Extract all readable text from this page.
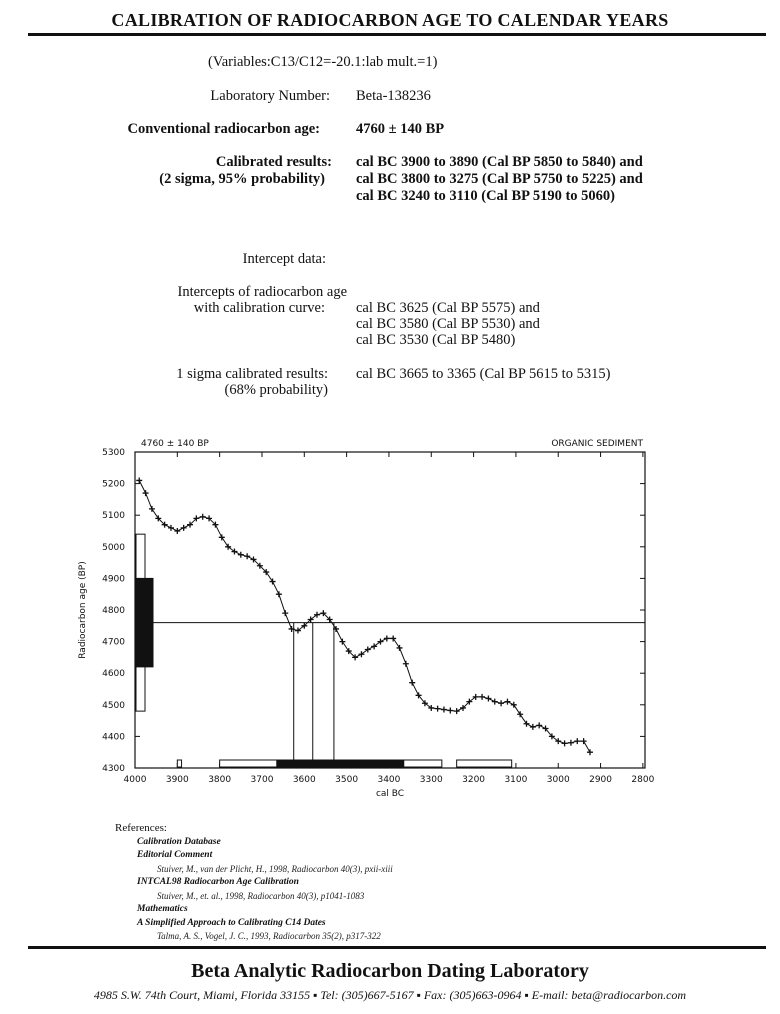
CALIBRATION OF RADIOCARBON AGE TO CALENDAR YEARS
(Variables:C13/C12=-20.1:lab mult.=1)
Laboratory Number: Beta-138236
Conventional radiocarbon age: 4760 ± 140 BP
Calibrated results:
(2 sigma, 95% probability)
cal BC 3900 to 3890 (Cal BP 5850 to 5840) and
cal BC 3800 to 3275 (Cal BP 5750 to 5225) and
cal BC 3240 to 3110 (Cal BP 5190 to 5060)
Intercept data:
Intercepts of radiocarbon age
with calibration curve: cal BC 3625 (Cal BP 5575) and
cal BC 3580 (Cal BP 5530) and
cal BC 3530 (Cal BP 5480)
1 sigma calibrated results:
(68% probability)
cal BC 3665 to 3365 (Cal BP 5615 to 5315)
4760 ± 140 BP	ORGANIC SEDIMENT
5300
5200
5100
5000
4900
4800
4700
4600
4500
4400
4300
4000 3900 3800 3700 3600 3500 3400 3300 3200 3100 3000 2900 2800
cal BC
Radiocarbon age (BP)
References:
Calibration Database
Editorial Comment
Stuiver, M., van der Plicht, H., 1998, Radiocarbon 40(3), pxii-xiii
INTCAL98 Radiocarbon Age Calibration
Stuiver, M., et. al., 1998, Radiocarbon 40(3), p1041-1083
Mathematics
A Simplified Approach to Calibrating C14 Dates
Talma, A. S., Vogel, J. C., 1993, Radiocarbon 35(2), p317-322
Beta Analytic Radiocarbon Dating Laboratory
4985 S.W. 74th Court, Miami, Florida 33155 ▪ Tel: (305)667-5167 ▪ Fax: (305)663-0964 ▪ E-mail: beta@radiocarbon.com
